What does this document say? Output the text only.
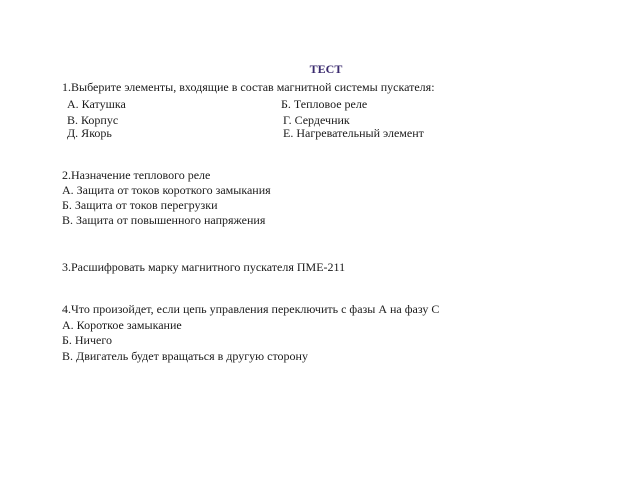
ТЕСТ
1.Выберите элементы, входящие в состав магнитной системы пускателя:
А. Катушка	Б. Тепловое реле
В. Корпус	Г. Сердечник
Д. Якорь	Е. Нагревательный элемент
2.Назначение теплового реле
А. Защита от токов короткого замыкания
Б. Защита от токов перегрузки
В. Защита от повышенного напряжения
3.Расшифровать марку магнитного пускателя ПМЕ-211
4.Что произойдет, если цепь управления переключить с фазы А на фазу С
А. Короткое замыкание
Б. Ничего
В. Двигатель будет вращаться в другую сторону
